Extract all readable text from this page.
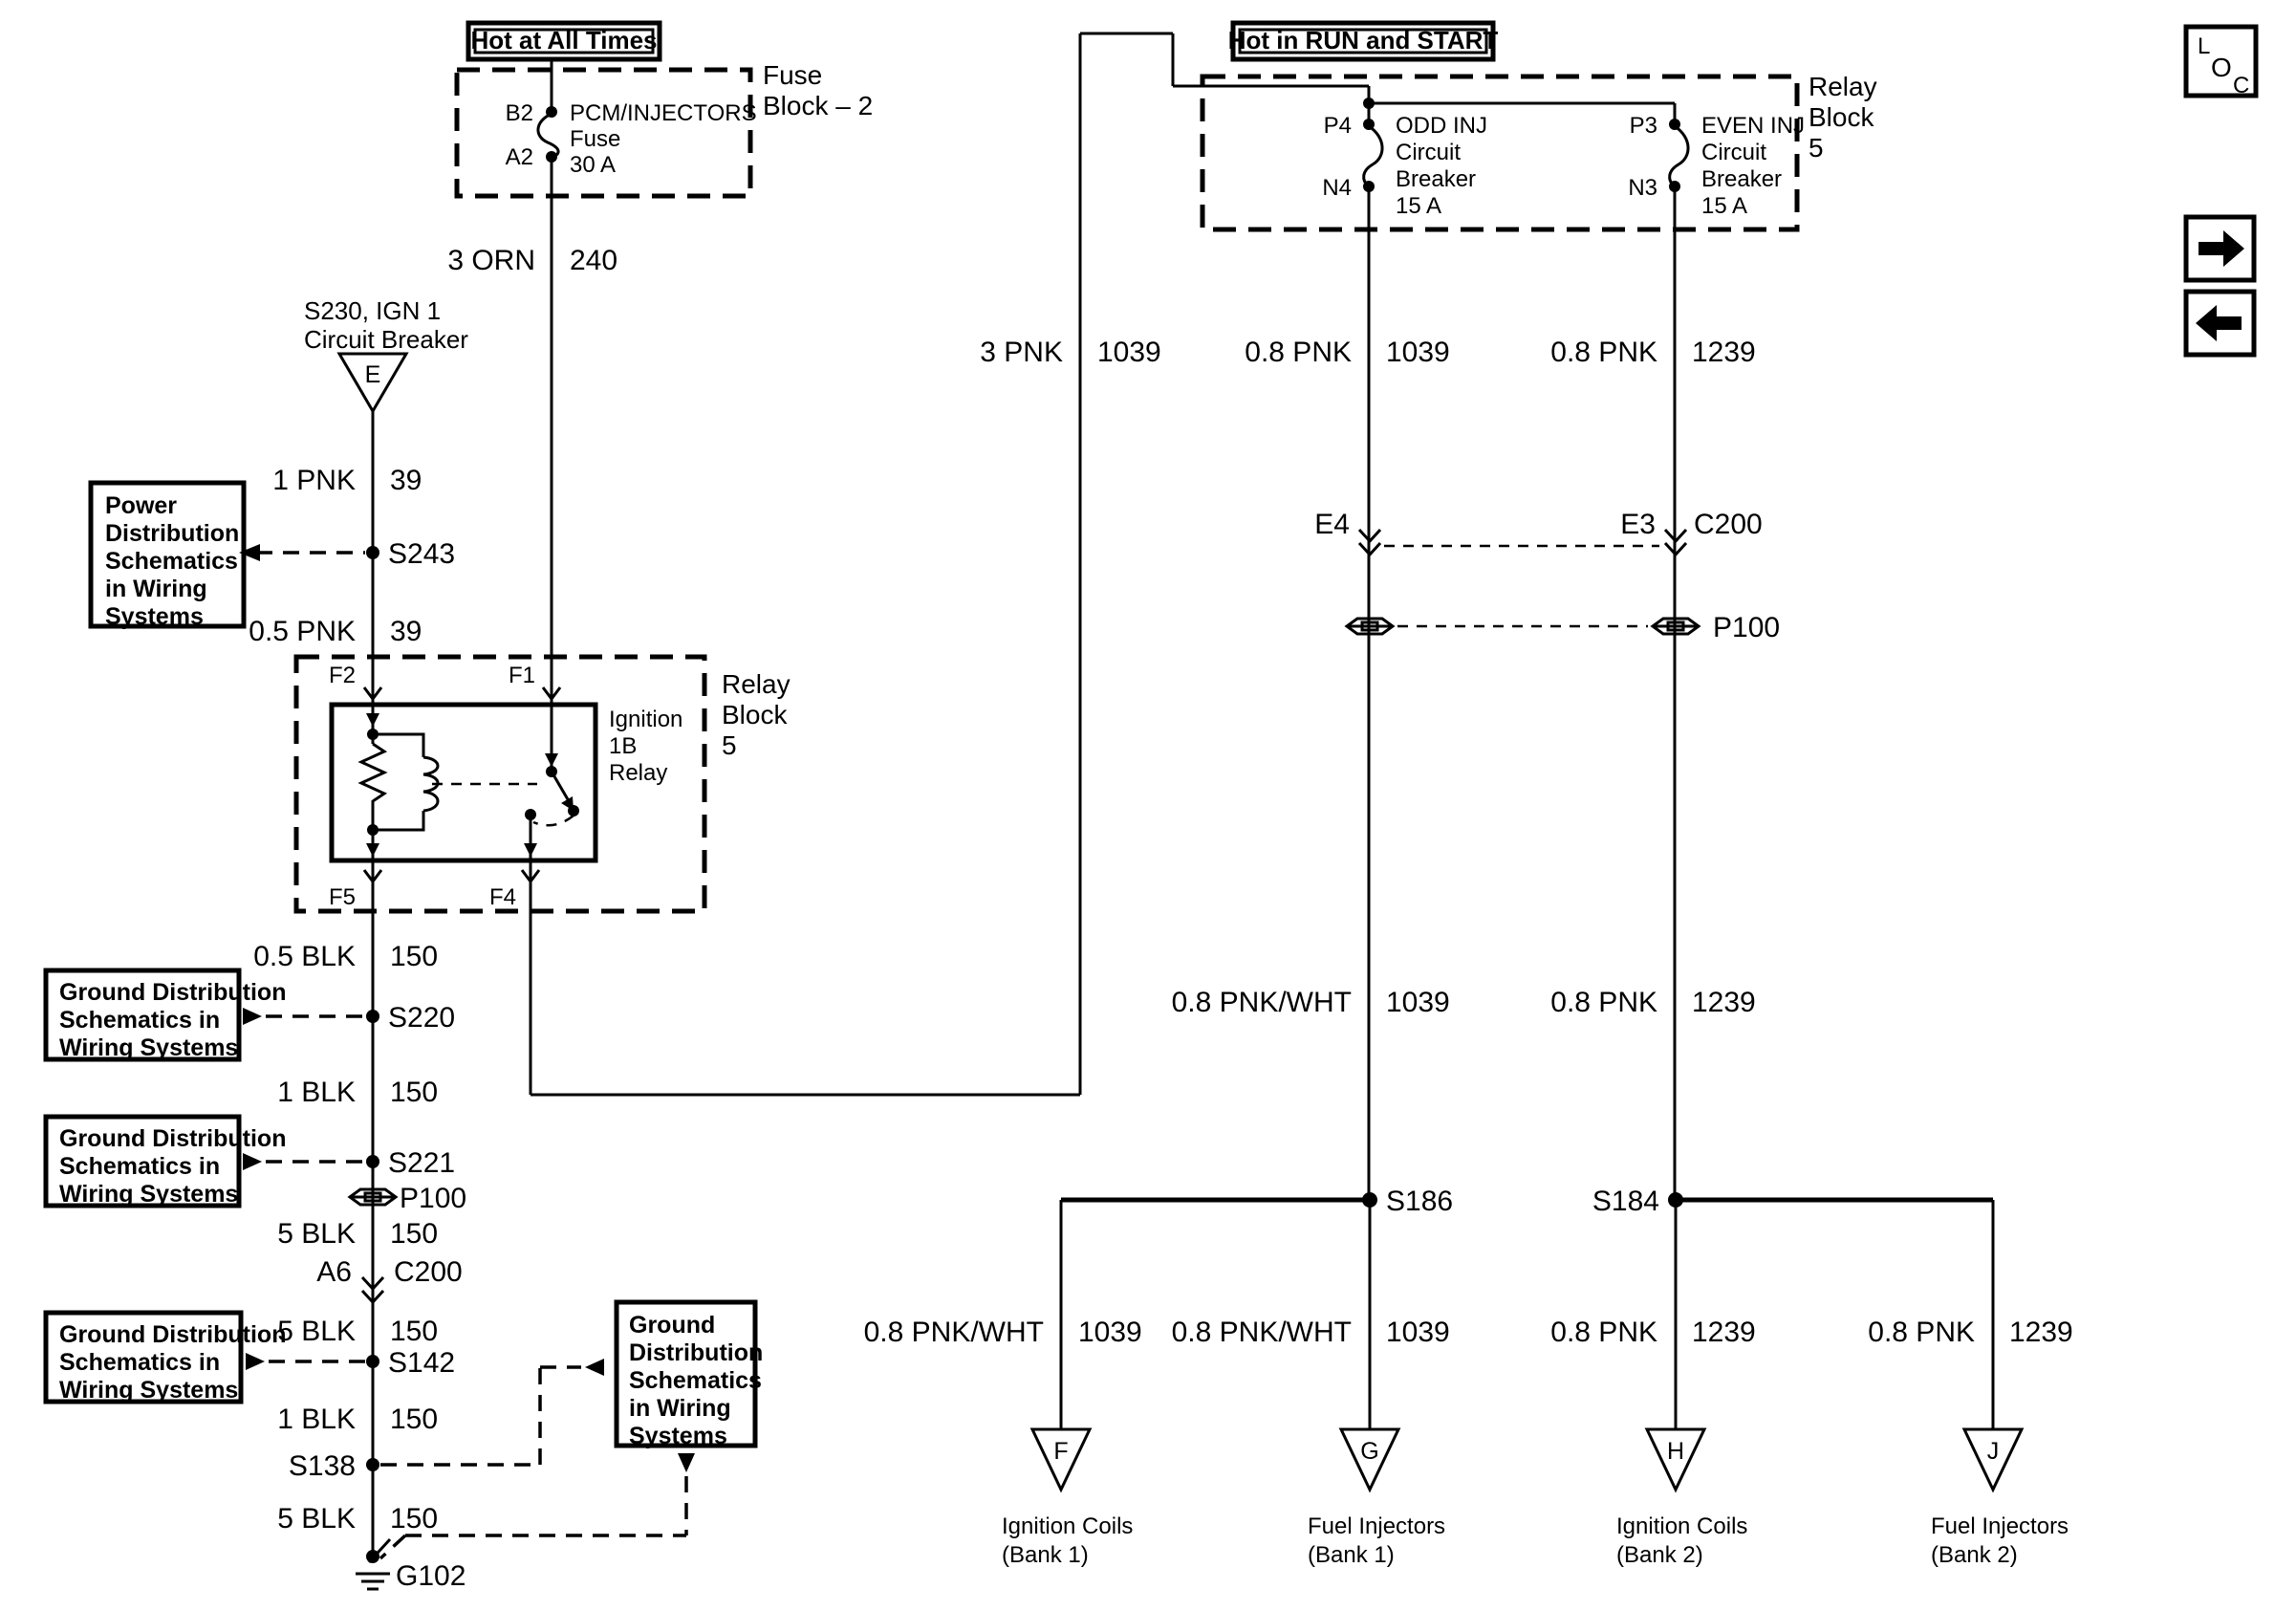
Hot at All Times	Hot in RUN and START
B2
A2
PCM/INJECTORS
Fuse
30 A
Fuse
Block – 2
3 ORN 240
S230, IGN 1
Circuit Breaker
E
1 PNK 39
S243
Power
Distribution
Schematics
in Wiring
Systems 0.5 PNK 39
F2	F1
Ignition
1B
Relay
Relay
Block
5
F5	F4
0.5 BLK 150
Ground Distribution
Schematics in
Wiring Systems
S220
1 BLK 150
Ground Distribution
Schematics in
Wiring Systems
S221
P100
5 BLK 150
A6 C200
5 BLK 150
Ground Distribution
Schematics in
Wiring Systems
S142
1 BLK 150
S138
Ground
Distribution
Schematics
in Wiring
Systems
5 BLK 150
G102
P4
N4
ODD INJ
Circuit
Breaker
15 A
P3
N3
EVEN INJ
Circuit
Breaker
15 A
Relay
Block
5
3 PNK 1039	0.8 PNK 1039	0.8 PNK 1239
E4	E3 C200
P100
0.8 PNK/WHT 1039	0.8 PNK 1239
S186	S184
0.8 PNK/WHT 1039 0.8 PNK/WHT 1039	0.8 PNK 1239	0.8 PNK 1239
F
Ignition Coils
(Bank 1)
G
Fuel Injectors
(Bank 1)
H
Ignition Coils
(Bank 2)
J
Fuel Injectors
(Bank 2)
L
O
C
